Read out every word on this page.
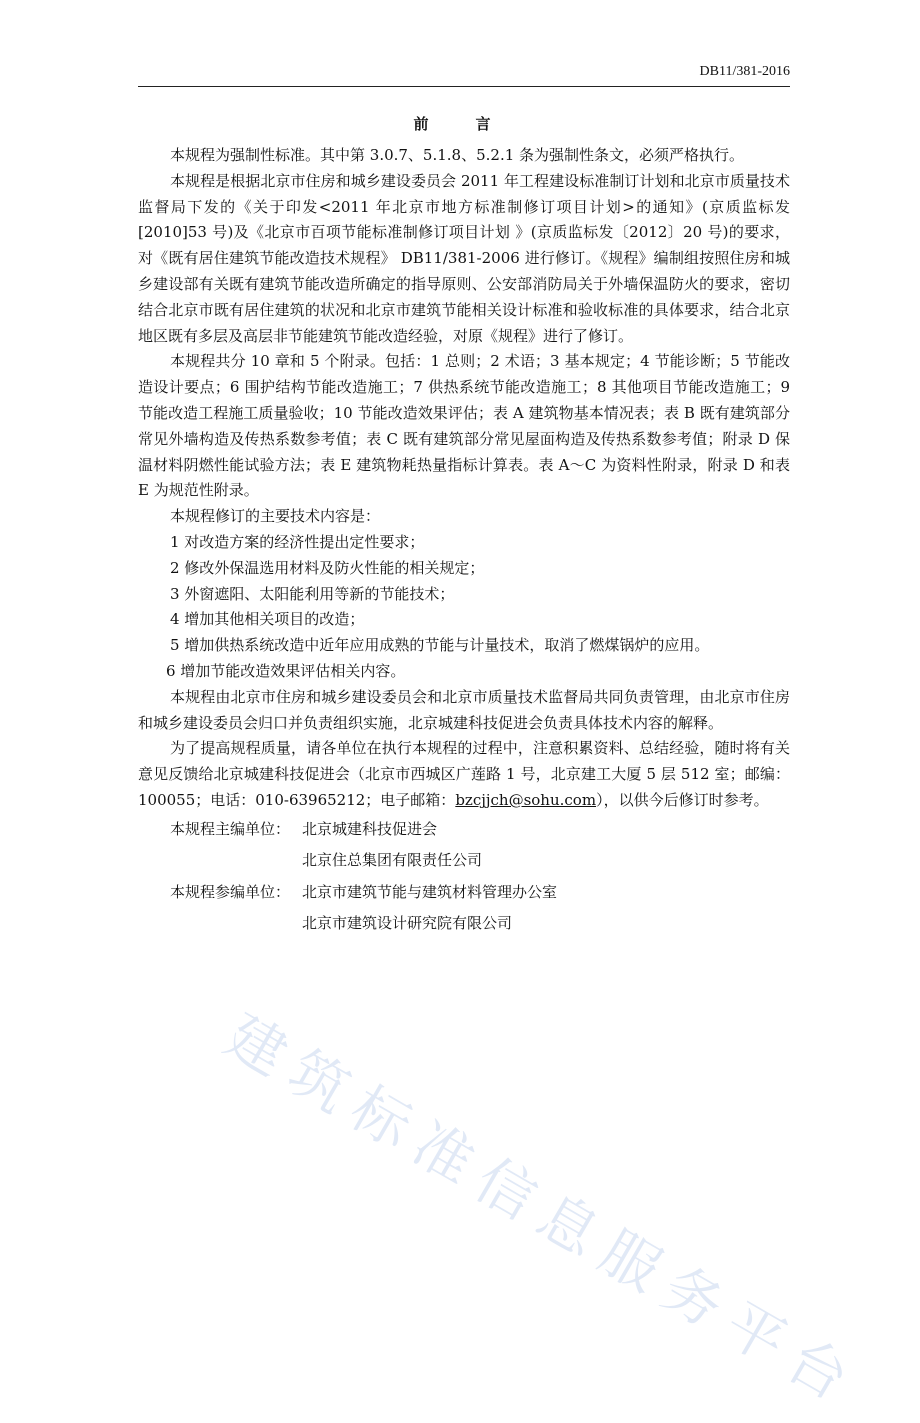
DB11/381-2016
前　言

本规程为强制性标准。其中第 3.0.7、5.1.8、5.2.1 条为强制性条文，必须严格执行。

本规程是根据北京市住房和城乡建设委员会 2011 年工程建设标准制订计划和北京市质量技术监督局下发的《关于印发<2011 年北京市地方标准制修订项目计划>的通知》(京质监标发[2010]53 号)及《北京市百项节能标准制修订项目计划 》(京质监标发〔2012〕20 号)的要求，对《既有居住建筑节能改造技术规程》 DB11/381-2006 进行修订。《规程》编制组按照住房和城乡建设部有关既有建筑节能改造所确定的指导原则、公安部消防局关于外墙保温防火的要求，密切结合北京市既有居住建筑的状况和北京市建筑节能相关设计标准和验收标准的具体要求，结合北京地区既有多层及高层非节能建筑节能改造经验，对原《规程》进行了修订。

本规程共分 10 章和 5 个附录。包括：1 总则；2 术语；3 基本规定；4 节能诊断；5 节能改造设计要点；6 围护结构节能改造施工；7 供热系统节能改造施工；8 其他项目节能改造施工；9 节能改造工程施工质量验收；10 节能改造效果评估；表 A 建筑物基本情况表；表 B 既有建筑部分常见外墙构造及传热系数参考值；表 C 既有建筑部分常见屋面构造及传热系数参考值；附录 D 保温材料阴燃性能试验方法；表 E 建筑物耗热量指标计算表。表 A～C 为资料性附录，附录 D 和表 E 为规范性附录。

本规程修订的主要技术内容是：

1 对改造方案的经济性提出定性要求；

2 修改外保温选用材料及防火性能的相关规定；

3 外窗遮阳、太阳能利用等新的节能技术；

4 增加其他相关项目的改造；

5 增加供热系统改造中近年应用成熟的节能与计量技术，取消了燃煤锅炉的应用。

6 增加节能改造效果评估相关内容。

本规程由北京市住房和城乡建设委员会和北京市质量技术监督局共同负责管理，由北京市住房和城乡建设委员会归口并负责组织实施，北京城建科技促进会负责具体技术内容的解释。

为了提高规程质量，请各单位在执行本规程的过程中，注意积累资料、总结经验，随时将有关意见反馈给北京城建科技促进会（北京市西城区广莲路 1 号，北京建工大厦 5 层 512 室；邮编：100055；电话：010-63965212；电子邮箱：bzcjjch@sohu.com），以供今后修订时参考。

本规程主编单位： 北京城建科技促进会
北京住总集团有限责任公司
本规程参编单位： 北京市建筑节能与建筑材料管理办公室
北京市建筑设计研究院有限公司
建筑标准信息服务平台
